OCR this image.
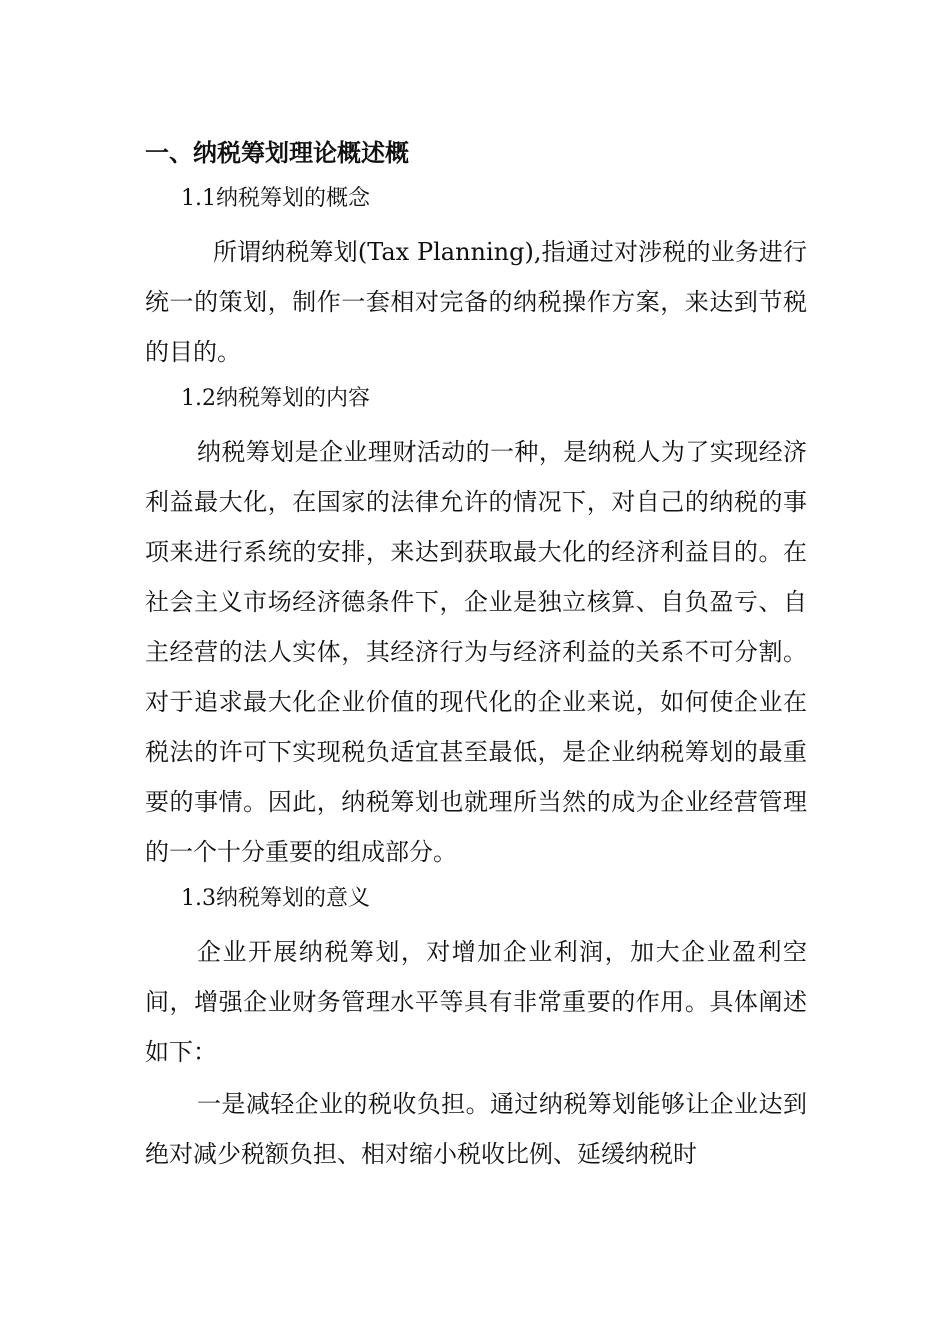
一、纳税筹划理论概述概
1.1纳税筹划的概念
所谓纳税筹划(Tax Planning),指通过对涉税的业务进行统一的策划，制作一套相对完备的纳税操作方案，来达到节税的目的。
1.2纳税筹划的内容
纳税筹划是企业理财活动的一种，是纳税人为了实现经济利益最大化，在国家的法律允许的情况下，对自己的纳税的事项来进行系统的安排，来达到获取最大化的经济利益目的。在社会主义市场经济德条件下，企业是独立核算、自负盈亏、自主经营的法人实体，其经济行为与经济利益的关系不可分割。对于追求最大化企业价值的现代化的企业来说，如何使企业在税法的许可下实现税负适宜甚至最低，是企业纳税筹划的最重要的事情。因此，纳税筹划也就理所当然的成为企业经营管理的一个十分重要的组成部分。
1.3纳税筹划的意义
企业开展纳税筹划，对增加企业利润，加大企业盈利空间，增强企业财务管理水平等具有非常重要的作用。具体阐述如下：
一是减轻企业的税收负担。通过纳税筹划能够让企业达到绝对减少税额负担、相对缩小税收比例、延缓纳税时
